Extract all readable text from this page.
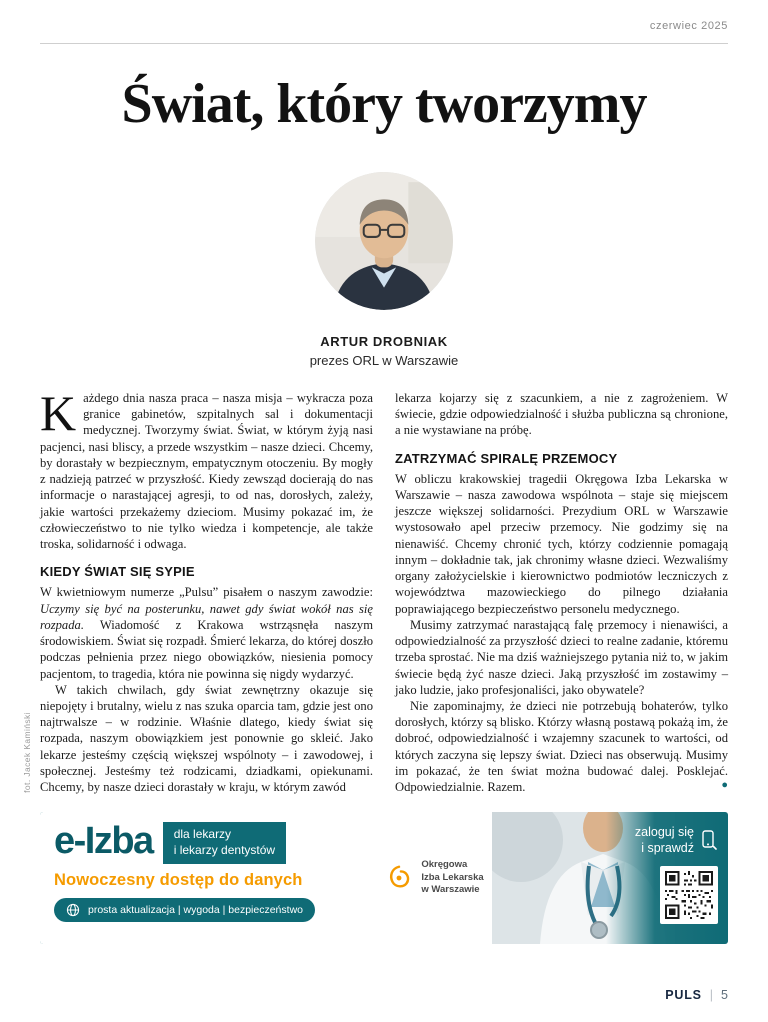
czerwiec 2025
Świat, który tworzymy
ARTUR DROBNIAK
prezes ORL w Warszawie

Każdego dnia nasza praca – nasza misja – wykracza poza granice gabinetów, szpitalnych sal i dokumentacji medycznej. Tworzymy świat. Świat, w którym żyją nasi pacjenci, nasi bliscy, a przede wszystkim – nasze dzieci. Chcemy, by dorastały w bezpiecznym, empatycznym otoczeniu. By mogły z nadzieją patrzeć w przyszłość. Kiedy zewsząd docierają do nas informacje o narastającej agresji, to od nas, dorosłych, zależy, jakie wartości przekażemy dzieciom. Musimy pokazać im, że człowieczeństwo to nie tylko wiedza i kompetencje, ale także troska, solidarność i odwaga.

KIEDY ŚWIAT SIĘ SYPIE

W kwietniowym numerze „Pulsu” pisałem o naszym zawodzie: Uczymy się być na posterunku, nawet gdy świat wokół nas się rozpada. Wiadomość z Krakowa wstrząsnęła naszym środowiskiem. Świat się rozpadł. Śmierć lekarza, do której doszło podczas pełnienia przez niego obowiązków, niesienia pomocy pacjentom, to tragedia, która nie powinna się nigdy wydarzyć.

W takich chwilach, gdy świat zewnętrzny okazuje się niepojęty i brutalny, wielu z nas szuka oparcia tam, gdzie jest ono najtrwalsze – w rodzinie. Właśnie dlatego, kiedy świat się rozpada, naszym obowiązkiem jest ponownie go skleić. Jako lekarze jesteśmy częścią większej wspólnoty – i zawodowej, i społecznej. Jesteśmy też rodzicami, dziadkami, opiekunami. Chcemy, by nasze dzieci dorastały w kraju, w którym zawód

lekarza kojarzy się z szacunkiem, a nie z zagrożeniem. W świecie, gdzie odpowiedzialność i służba publiczna są chronione, a nie wystawiane na próbę.

ZATRZYMAĆ SPIRALĘ PRZEMOCY

W obliczu krakowskiej tragedii Okręgowa Izba Lekarska w Warszawie – nasza zawodowa wspólnota – staje się miejscem jeszcze większej solidarności. Prezydium ORL w Warszawie wystosowało apel przeciw przemocy. Nie godzimy się na nienawiść. Chcemy chronić tych, którzy codziennie pomagają innym – dokładnie tak, jak chronimy własne dzieci. Wezwaliśmy organy założycielskie i kierownictwo podmiotów leczniczych z województwa mazowieckiego do pilnego działania poprawiającego bezpieczeństwo personelu medycznego.

Musimy zatrzymać narastającą falę przemocy i nienawiści, a odpowiedzialność za przyszłość dzieci to realne zadanie, któremu trzeba sprostać. Nie ma dziś ważniejszego pytania niż to, w jakim świecie będą żyć nasze dzieci. Jaką przyszłość im zostawimy – jako ludzie, jako profesjonaliści, jako obywatele?

Nie zapominajmy, że dzieci nie potrzebują bohaterów, tylko dorosłych, którzy są blisko. Którzy własną postawą pokażą im, że dobroć, odpowiedzialność i wzajemny szacunek to wartości, od których zaczyna się lepszy świat. Dzieci nas obserwują. Musimy im pokazać, że ten świat można budować dalej. Posklejać. Odpowiedzialnie. Razem.	●

fot. Jacek Kamiński
e-Izba	dla lekarzy
i lekarzy dentystów
Nowoczesny dostęp do danych
prosta aktualizacja | wygoda | bezpieczeństwo
Okręgowa
Izba Lekarska
w Warszawie
zaloguj się
i sprawdź
PULS | 5
